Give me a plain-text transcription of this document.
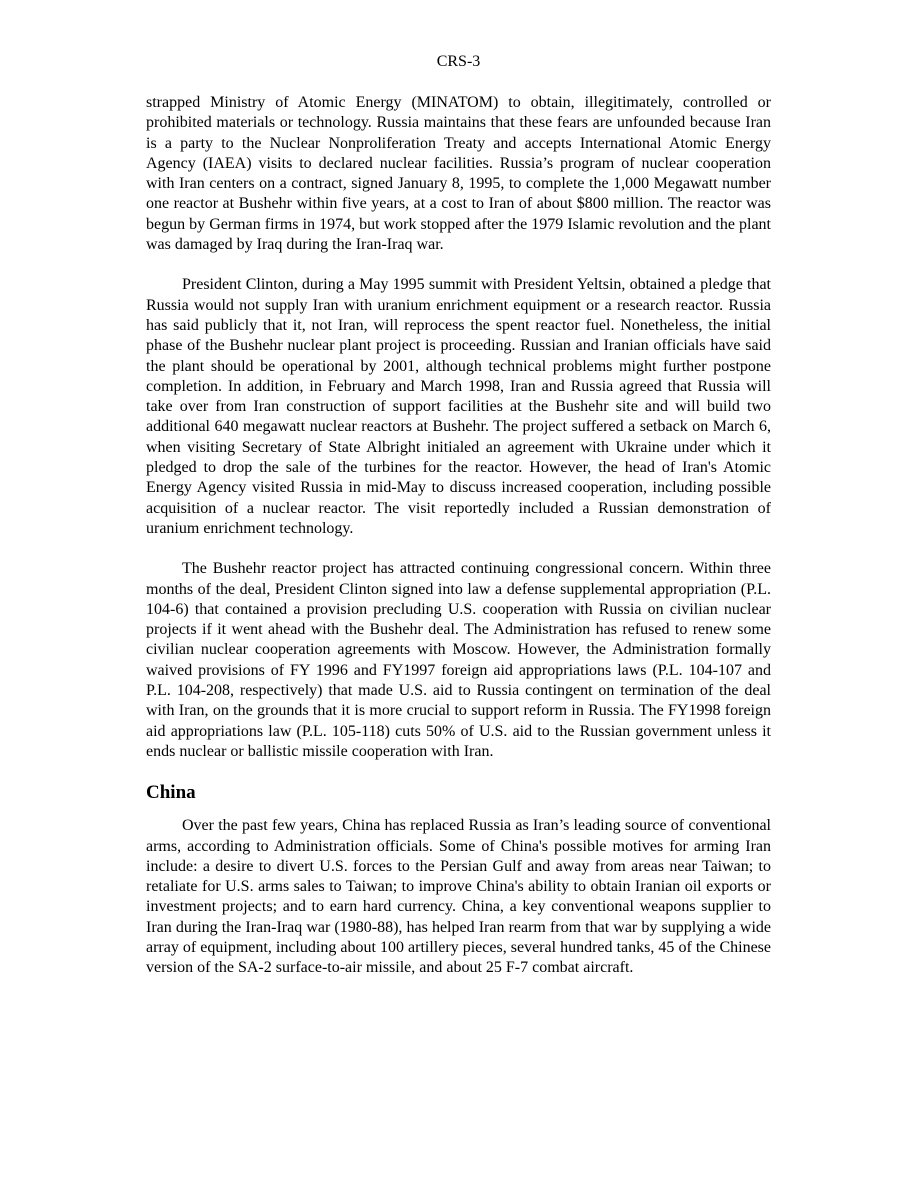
CRS-3

strapped Ministry of Atomic Energy (MINATOM) to obtain, illegitimately, controlled or prohibited materials or technology. Russia maintains that these fears are unfounded because Iran is a party to the Nuclear Nonproliferation Treaty and accepts International Atomic Energy Agency (IAEA) visits to declared nuclear facilities. Russia’s program of nuclear cooperation with Iran centers on a contract, signed January 8, 1995, to complete the 1,000 Megawatt number one reactor at Bushehr within five years, at a cost to Iran of about $800 million. The reactor was begun by German firms in 1974, but work stopped after the 1979 Islamic revolution and the plant was damaged by Iraq during the Iran-Iraq war.

President Clinton, during a May 1995 summit with President Yeltsin, obtained a pledge that Russia would not supply Iran with uranium enrichment equipment or a research reactor. Russia has said publicly that it, not Iran, will reprocess the spent reactor fuel. Nonetheless, the initial phase of the Bushehr nuclear plant project is proceeding. Russian and Iranian officials have said the plant should be operational by 2001, although technical problems might further postpone completion. In addition, in February and March 1998, Iran and Russia agreed that Russia will take over from Iran construction of support facilities at the Bushehr site and will build two additional 640 megawatt nuclear reactors at Bushehr. The project suffered a setback on March 6, when visiting Secretary of State Albright initialed an agreement with Ukraine under which it pledged to drop the sale of the turbines for the reactor. However, the head of Iran's Atomic Energy Agency visited Russia in mid-May to discuss increased cooperation, including possible acquisition of a nuclear reactor. The visit reportedly included a Russian demonstration of uranium enrichment technology.

The Bushehr reactor project has attracted continuing congressional concern. Within three months of the deal, President Clinton signed into law a defense supplemental appropriation (P.L. 104-6) that contained a provision precluding U.S. cooperation with Russia on civilian nuclear projects if it went ahead with the Bushehr deal. The Administration has refused to renew some civilian nuclear cooperation agreements with Moscow. However, the Administration formally waived provisions of FY 1996 and FY1997 foreign aid appropriations laws (P.L. 104-107 and P.L. 104-208, respectively) that made U.S. aid to Russia contingent on termination of the deal with Iran, on the grounds that it is more crucial to support reform in Russia. The FY1998 foreign aid appropriations law (P.L. 105-118) cuts 50% of U.S. aid to the Russian government unless it ends nuclear or ballistic missile cooperation with Iran.

China

Over the past few years, China has replaced Russia as Iran’s leading source of conventional arms, according to Administration officials. Some of China's possible motives for arming Iran include: a desire to divert U.S. forces to the Persian Gulf and away from areas near Taiwan; to retaliate for U.S. arms sales to Taiwan; to improve China's ability to obtain Iranian oil exports or investment projects; and to earn hard currency. China, a key conventional weapons supplier to Iran during the Iran-Iraq war (1980-88), has helped Iran rearm from that war by supplying a wide array of equipment, including about 100 artillery pieces, several hundred tanks, 45 of the Chinese version of the SA-2 surface-to-air missile, and about 25 F-7 combat aircraft.
